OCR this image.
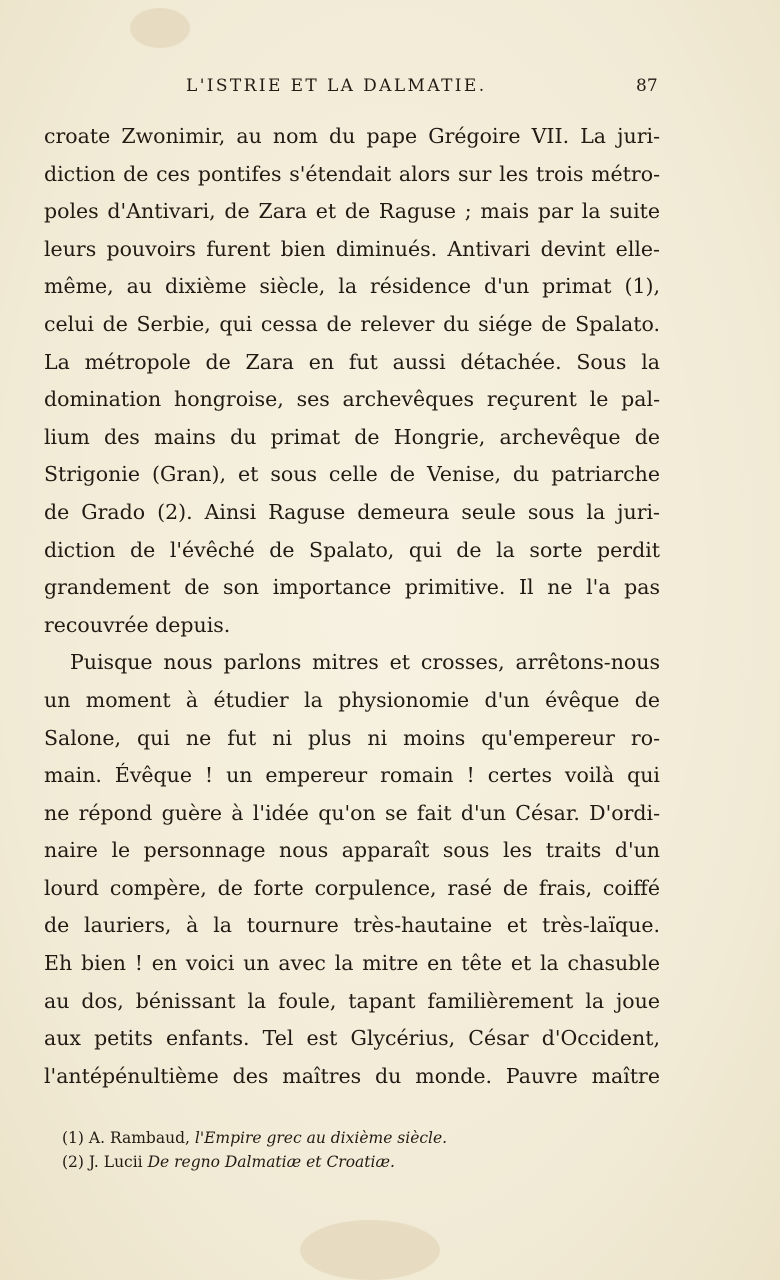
L'ISTRIE ET LA DALMATIE.	87
croate Zwonimir, au nom du pape Grégoire VII. La juri-
diction de ces pontifes s'étendait alors sur les trois métro-
poles d'Antivari, de Zara et de Raguse ; mais par la suite
leurs pouvoirs furent bien diminués. Antivari devint elle-
même, au dixième siècle, la résidence d'un primat (1),
celui de Serbie, qui cessa de relever du siége de Spalato.
La métropole de Zara en fut aussi détachée. Sous la
domination hongroise, ses archevêques reçurent le pal-
lium des mains du primat de Hongrie, archevêque de
Strigonie (Gran), et sous celle de Venise, du patriarche
de Grado (2). Ainsi Raguse demeura seule sous la juri-
diction de l'évêché de Spalato, qui de la sorte perdit
grandement de son importance primitive. Il ne l'a pas
recouvrée depuis.
Puisque nous parlons mitres et crosses, arrêtons-nous
un moment à étudier la physionomie d'un évêque de
Salone, qui ne fut ni plus ni moins qu'empereur ro-
main. Évêque ! un empereur romain ! certes voilà qui
ne répond guère à l'idée qu'on se fait d'un César. D'ordi-
naire le personnage nous apparaît sous les traits d'un
lourd compère, de forte corpulence, rasé de frais, coiffé
de lauriers, à la tournure très-hautaine et très-laïque.
Eh bien ! en voici un avec la mitre en tête et la chasuble
au dos, bénissant la foule, tapant familièrement la joue
aux petits enfants. Tel est Glycérius, César d'Occident,
l'antépénultième des maîtres du monde. Pauvre maître
(1) A. Rambaud, l'Empire grec au dixième siècle.
(2) J. Lucii De regno Dalmatiæ et Croatiæ.
